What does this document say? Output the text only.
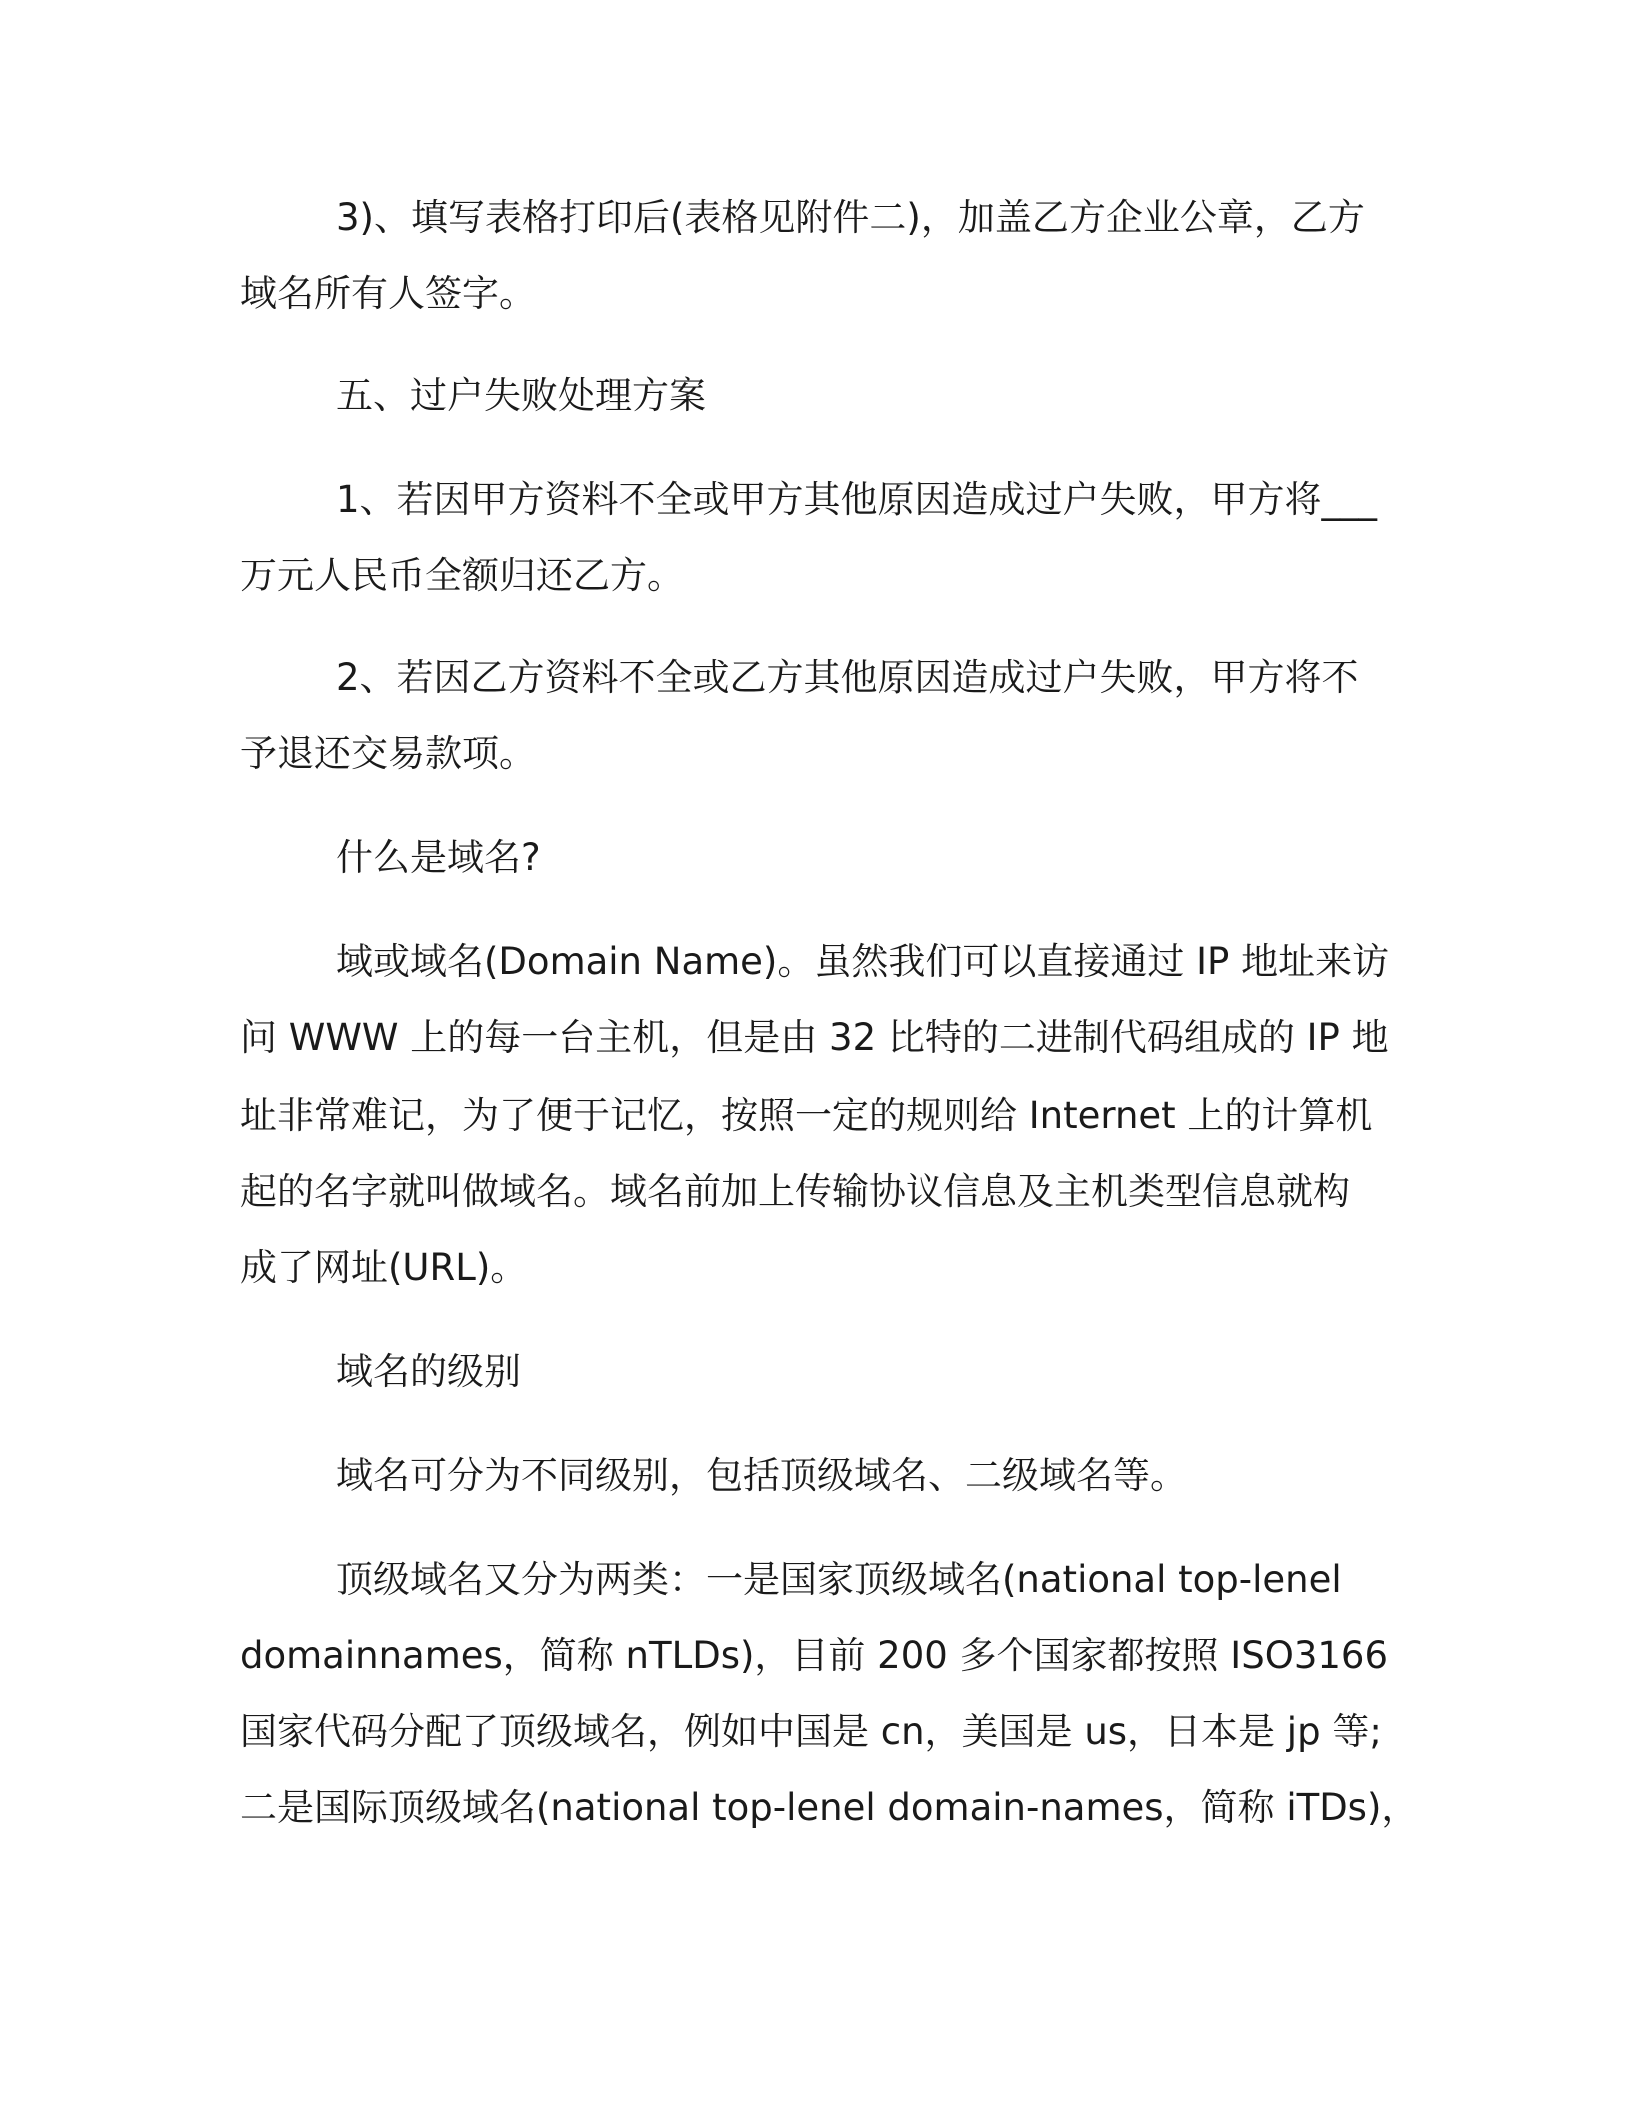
3)、填写表格打印后(表格见附件二)，加盖乙方企业公章，乙方
域名所有人签字。
五、过户失败处理方案
1、若因甲方资料不全或甲方其他原因造成过户失败，甲方将___
万元人民币全额归还乙方。
2、若因乙方资料不全或乙方其他原因造成过户失败，甲方将不
予退还交易款项。
什么是域名?
域或域名(Domain Name)。虽然我们可以直接通过 IP 地址来访
问 WWW 上的每一台主机，但是由 32 比特的二进制代码组成的 IP 地
址非常难记，为了便于记忆，按照一定的规则给 Internet 上的计算机
起的名字就叫做域名。域名前加上传输协议信息及主机类型信息就构
成了网址(URL)。
域名的级别
域名可分为不同级别，包括顶级域名、二级域名等。
顶级域名又分为两类：一是国家顶级域名(national top-lenel
domainnames，简称 nTLDs)，目前 200 多个国家都按照 ISO3166
国家代码分配了顶级域名，例如中国是 cn，美国是 us，日本是 jp 等;
二是国际顶级域名(national top-lenel domain-names，简称 iTDs)，
